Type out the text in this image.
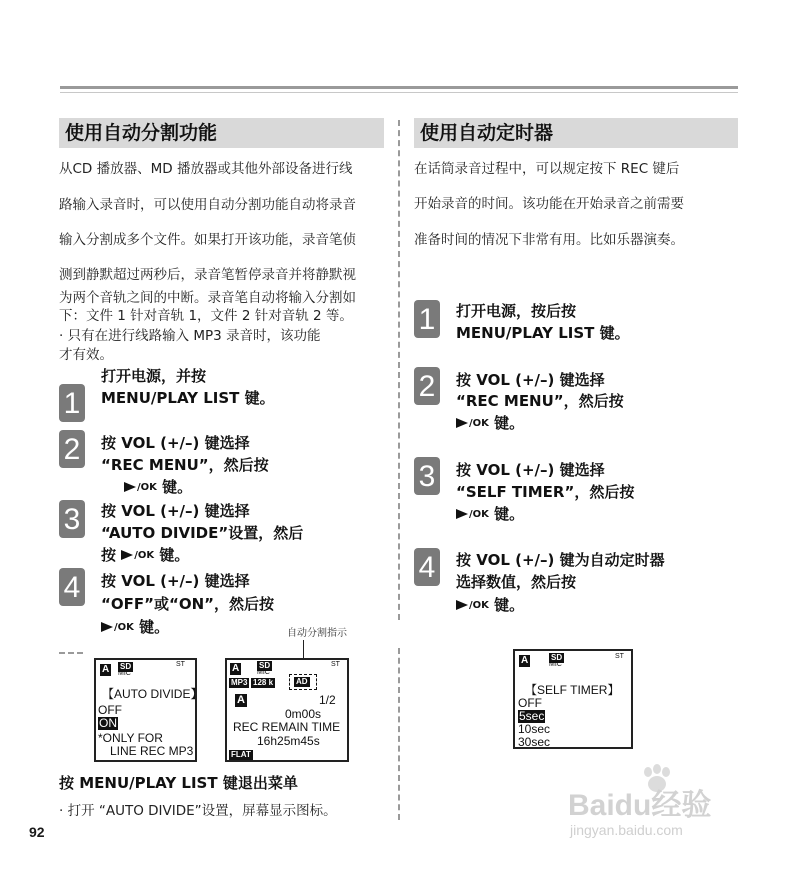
使用自动分割功能
从CD 播放器、MD 播放器或其他外部设备进行线
路输入录音时，可以使用自动分割功能自动将录音
输入分割成多个文件。如果打开该功能，录音笔侦
测到静默超过两秒后，录音笔暂停录音并将静默视
为两个音轨之间的中断。录音笔自动将输入分割如
下：文件 1 针对音轨 1，文件 2 针对音轨 2 等。
· 只有在进行线路输入 MP3 录音时，该功能
才有效。
1
打开电源，并按
MENU/PLAY LIST 键。
2	按 VOL (+/–) 键选择
“REC MENU”，然后按
/OK 键。
3	按 VOL (+/–) 键选择
“AUTO DIVIDE”设置，然后
按 /OK 键。
4	按 VOL (+/–) 键选择
“OFF”或“ON”，然后按
/OK 键。	自动分割指示
A SD
MIC
ST
【AUTO DIVIDE】
OFF
ON
*ONLY FOR
LINE REC MP3
A SD
MIC
ST
MP3 128 k	AD
A	1/2
0m00s
REC REMAIN TIME
16h25m45s
FLAT
按 MENU/PLAY LIST 键退出菜单
· 打开 “AUTO DIVIDE”设置，屏幕显示图标。
92
使用自动定时器
在话筒录音过程中，可以规定按下 REC 键后
开始录音的时间。该功能在开始录音之前需要
准备时间的情况下非常有用。比如乐器演奏。
1	打开电源，按后按
MENU/PLAY LIST 键。
2	按 VOL (+/–) 键选择
“REC MENU”，然后按
/OK 键。
3	按 VOL (+/–) 键选择
“SELF TIMER”，然后按
/OK 键。
4	按 VOL (+/–) 键为自动定时器
选择数值，然后按
/OK 键。
A	SD
MIC
ST
【SELF TIMER】
OFF
5sec
10sec
30sec
Baidu经验
jingyan.baidu.com
